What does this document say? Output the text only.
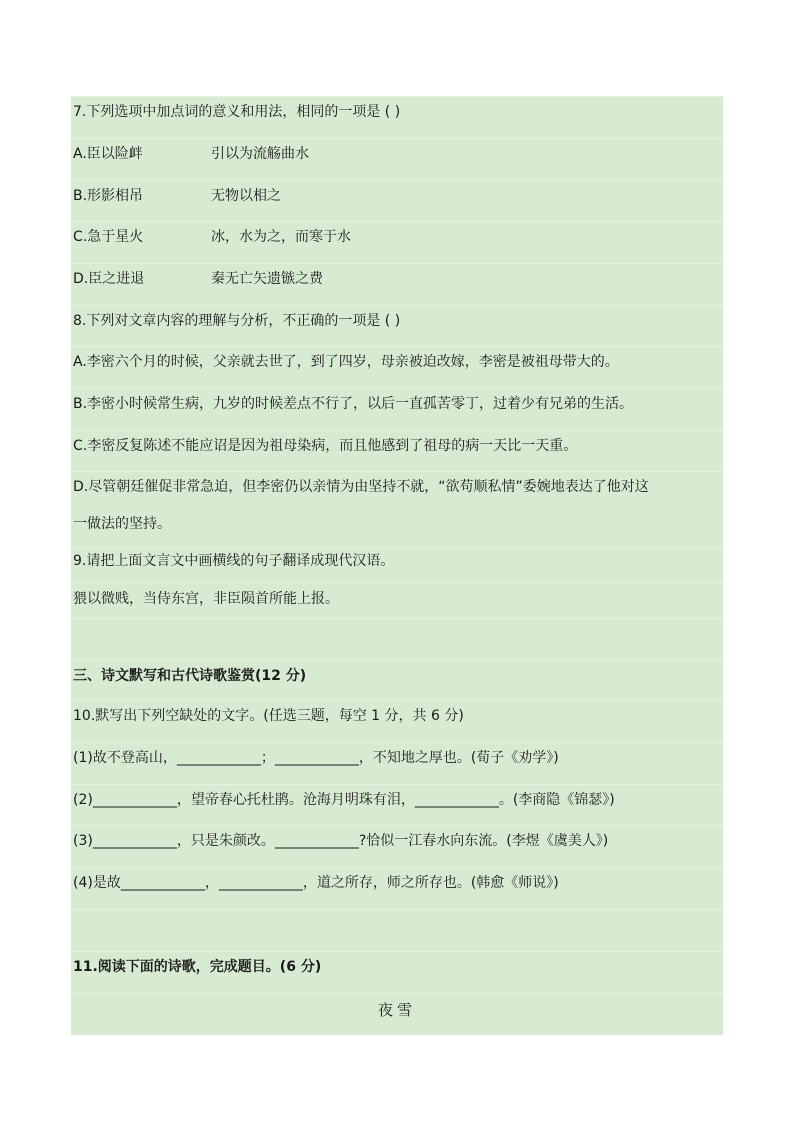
7.下列选项中加点词的意义和用法，相同的一项是 ( )
A.臣以险衅	引以为流觞曲水
B.形影相吊	无物以相之
C.急于星火	冰，水为之，而寒于水
D.臣之进退	秦无亡矢遗镞之费
8.下列对文章内容的理解与分析，不正确的一项是 ( )
A.李密六个月的时候，父亲就去世了，到了四岁，母亲被迫改嫁，李密是被祖母带大的。
B.李密小时候常生病，九岁的时候差点不行了，以后一直孤苦零丁，过着少有兄弟的生活。
C.李密反复陈述不能应诏是因为祖母染病，而且他感到了祖母的病一天比一天重。
D.尽管朝廷催促非常急迫，但李密仍以亲情为由坚持不就，“欲苟顺私情”委婉地表达了他对这
一做法的坚持。
9.请把上面文言文中画横线的句子翻译成现代汉语。
猥以微贱，当侍东宫，非臣陨首所能上报。
三、诗文默写和古代诗歌鉴赏(12 分)
10.默写出下列空缺处的文字。(任选三题，每空 1 分，共 6 分)
(1)故不登高山，____________；____________，不知地之厚也。(荀子《劝学》)
(2)____________，望帝春心托杜鹃。沧海月明珠有泪，____________。(李商隐《锦瑟》)
(3)____________，只是朱颜改。____________?恰似一江春水向东流。(李煜《虞美人》)
(4)是故____________，____________，道之所存，师之所存也。(韩愈《师说》)
11.阅读下面的诗歌，完成题目。(6 分)
夜雪
